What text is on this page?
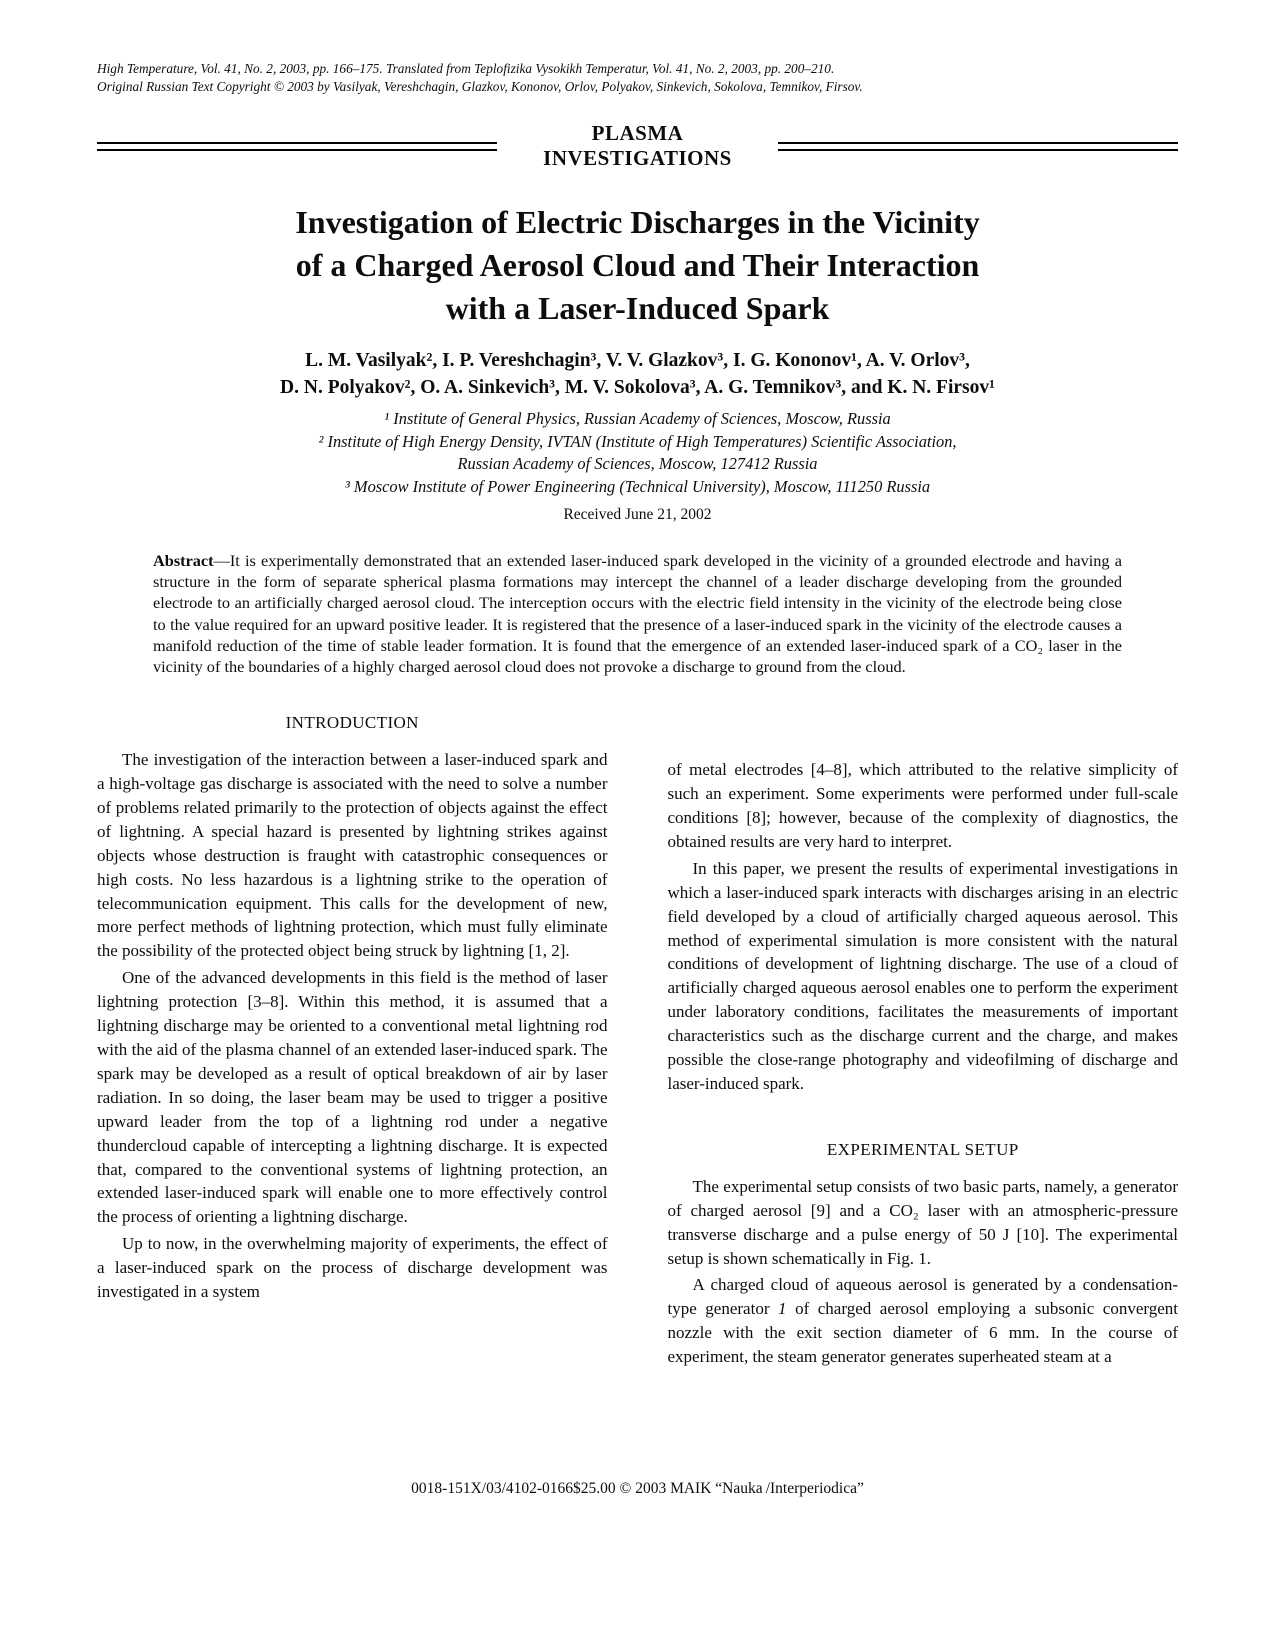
High Temperature, Vol. 41, No. 2, 2003, pp. 166–175. Translated from Teplofizika Vysokikh Temperatur, Vol. 41, No. 2, 2003, pp. 200–210.
Original Russian Text Copyright © 2003 by Vasilyak, Vereshchagin, Glazkov, Kononov, Orlov, Polyakov, Sinkevich, Sokolova, Temnikov, Firsov.
PLASMA
INVESTIGATIONS
Investigation of Electric Discharges in the Vicinity
of a Charged Aerosol Cloud and Their Interaction
with a Laser-Induced Spark
L. M. Vasilyak², I. P. Vereshchagin³, V. V. Glazkov³, I. G. Kononov¹, A. V. Orlov³,
D. N. Polyakov², O. A. Sinkevich³, M. V. Sokolova³, A. G. Temnikov³, and K. N. Firsov¹
¹ Institute of General Physics, Russian Academy of Sciences, Moscow, Russia
² Institute of High Energy Density, IVTAN (Institute of High Temperatures) Scientific Association,
Russian Academy of Sciences, Moscow, 127412 Russia
³ Moscow Institute of Power Engineering (Technical University), Moscow, 111250 Russia
Received June 21, 2002

Abstract—It is experimentally demonstrated that an extended laser-induced spark developed in the vicinity of a grounded electrode and having a structure in the form of separate spherical plasma formations may intercept the channel of a leader discharge developing from the grounded electrode to an artificially charged aerosol cloud. The interception occurs with the electric field intensity in the vicinity of the electrode being close to the value required for an upward positive leader. It is registered that the presence of a laser-induced spark in the vicinity of the electrode causes a manifold reduction of the time of stable leader formation. It is found that the emergence of an extended laser-induced spark of a CO₂ laser in the vicinity of the boundaries of a highly charged aerosol cloud does not provoke a discharge to ground from the cloud.

INTRODUCTION

The investigation of the interaction between a laser-induced spark and a high-voltage gas discharge is associated with the need to solve a number of problems related primarily to the protection of objects against the effect of lightning. A special hazard is presented by lightning strikes against objects whose destruction is fraught with catastrophic consequences or high costs. No less hazardous is a lightning strike to the operation of telecommunication equipment. This calls for the development of new, more perfect methods of lightning protection, which must fully eliminate the possibility of the protected object being struck by lightning [1, 2].

One of the advanced developments in this field is the method of laser lightning protection [3–8]. Within this method, it is assumed that a lightning discharge may be oriented to a conventional metal lightning rod with the aid of the plasma channel of an extended laser-induced spark. The spark may be developed as a result of optical breakdown of air by laser radiation. In so doing, the laser beam may be used to trigger a positive upward leader from the top of a lightning rod under a negative thundercloud capable of intercepting a lightning discharge. It is expected that, compared to the conventional systems of lightning protection, an extended laser-induced spark will enable one to more effectively control the process of orienting a lightning discharge.

Up to now, in the overwhelming majority of experiments, the effect of a laser-induced spark on the process of discharge development was investigated in a system

of metal electrodes [4–8], which attributed to the relative simplicity of such an experiment. Some experiments were performed under full-scale conditions [8]; however, because of the complexity of diagnostics, the obtained results are very hard to interpret.

In this paper, we present the results of experimental investigations in which a laser-induced spark interacts with discharges arising in an electric field developed by a cloud of artificially charged aqueous aerosol. This method of experimental simulation is more consistent with the natural conditions of development of lightning discharge. The use of a cloud of artificially charged aqueous aerosol enables one to perform the experiment under laboratory conditions, facilitates the measurements of important characteristics such as the discharge current and the charge, and makes possible the close-range photography and videofilming of discharge and laser-induced spark.

EXPERIMENTAL SETUP

The experimental setup consists of two basic parts, namely, a generator of charged aerosol [9] and a CO₂ laser with an atmospheric-pressure transverse discharge and a pulse energy of 50 J [10]. The experimental setup is shown schematically in Fig. 1.

A charged cloud of aqueous aerosol is generated by a condensation-type generator 1 of charged aerosol employing a subsonic convergent nozzle with the exit section diameter of 6 mm. In the course of experiment, the steam generator generates superheated steam at a

0018-151X/03/4102-0166$25.00 © 2003 MAIK “Nauka /Interperiodica”
